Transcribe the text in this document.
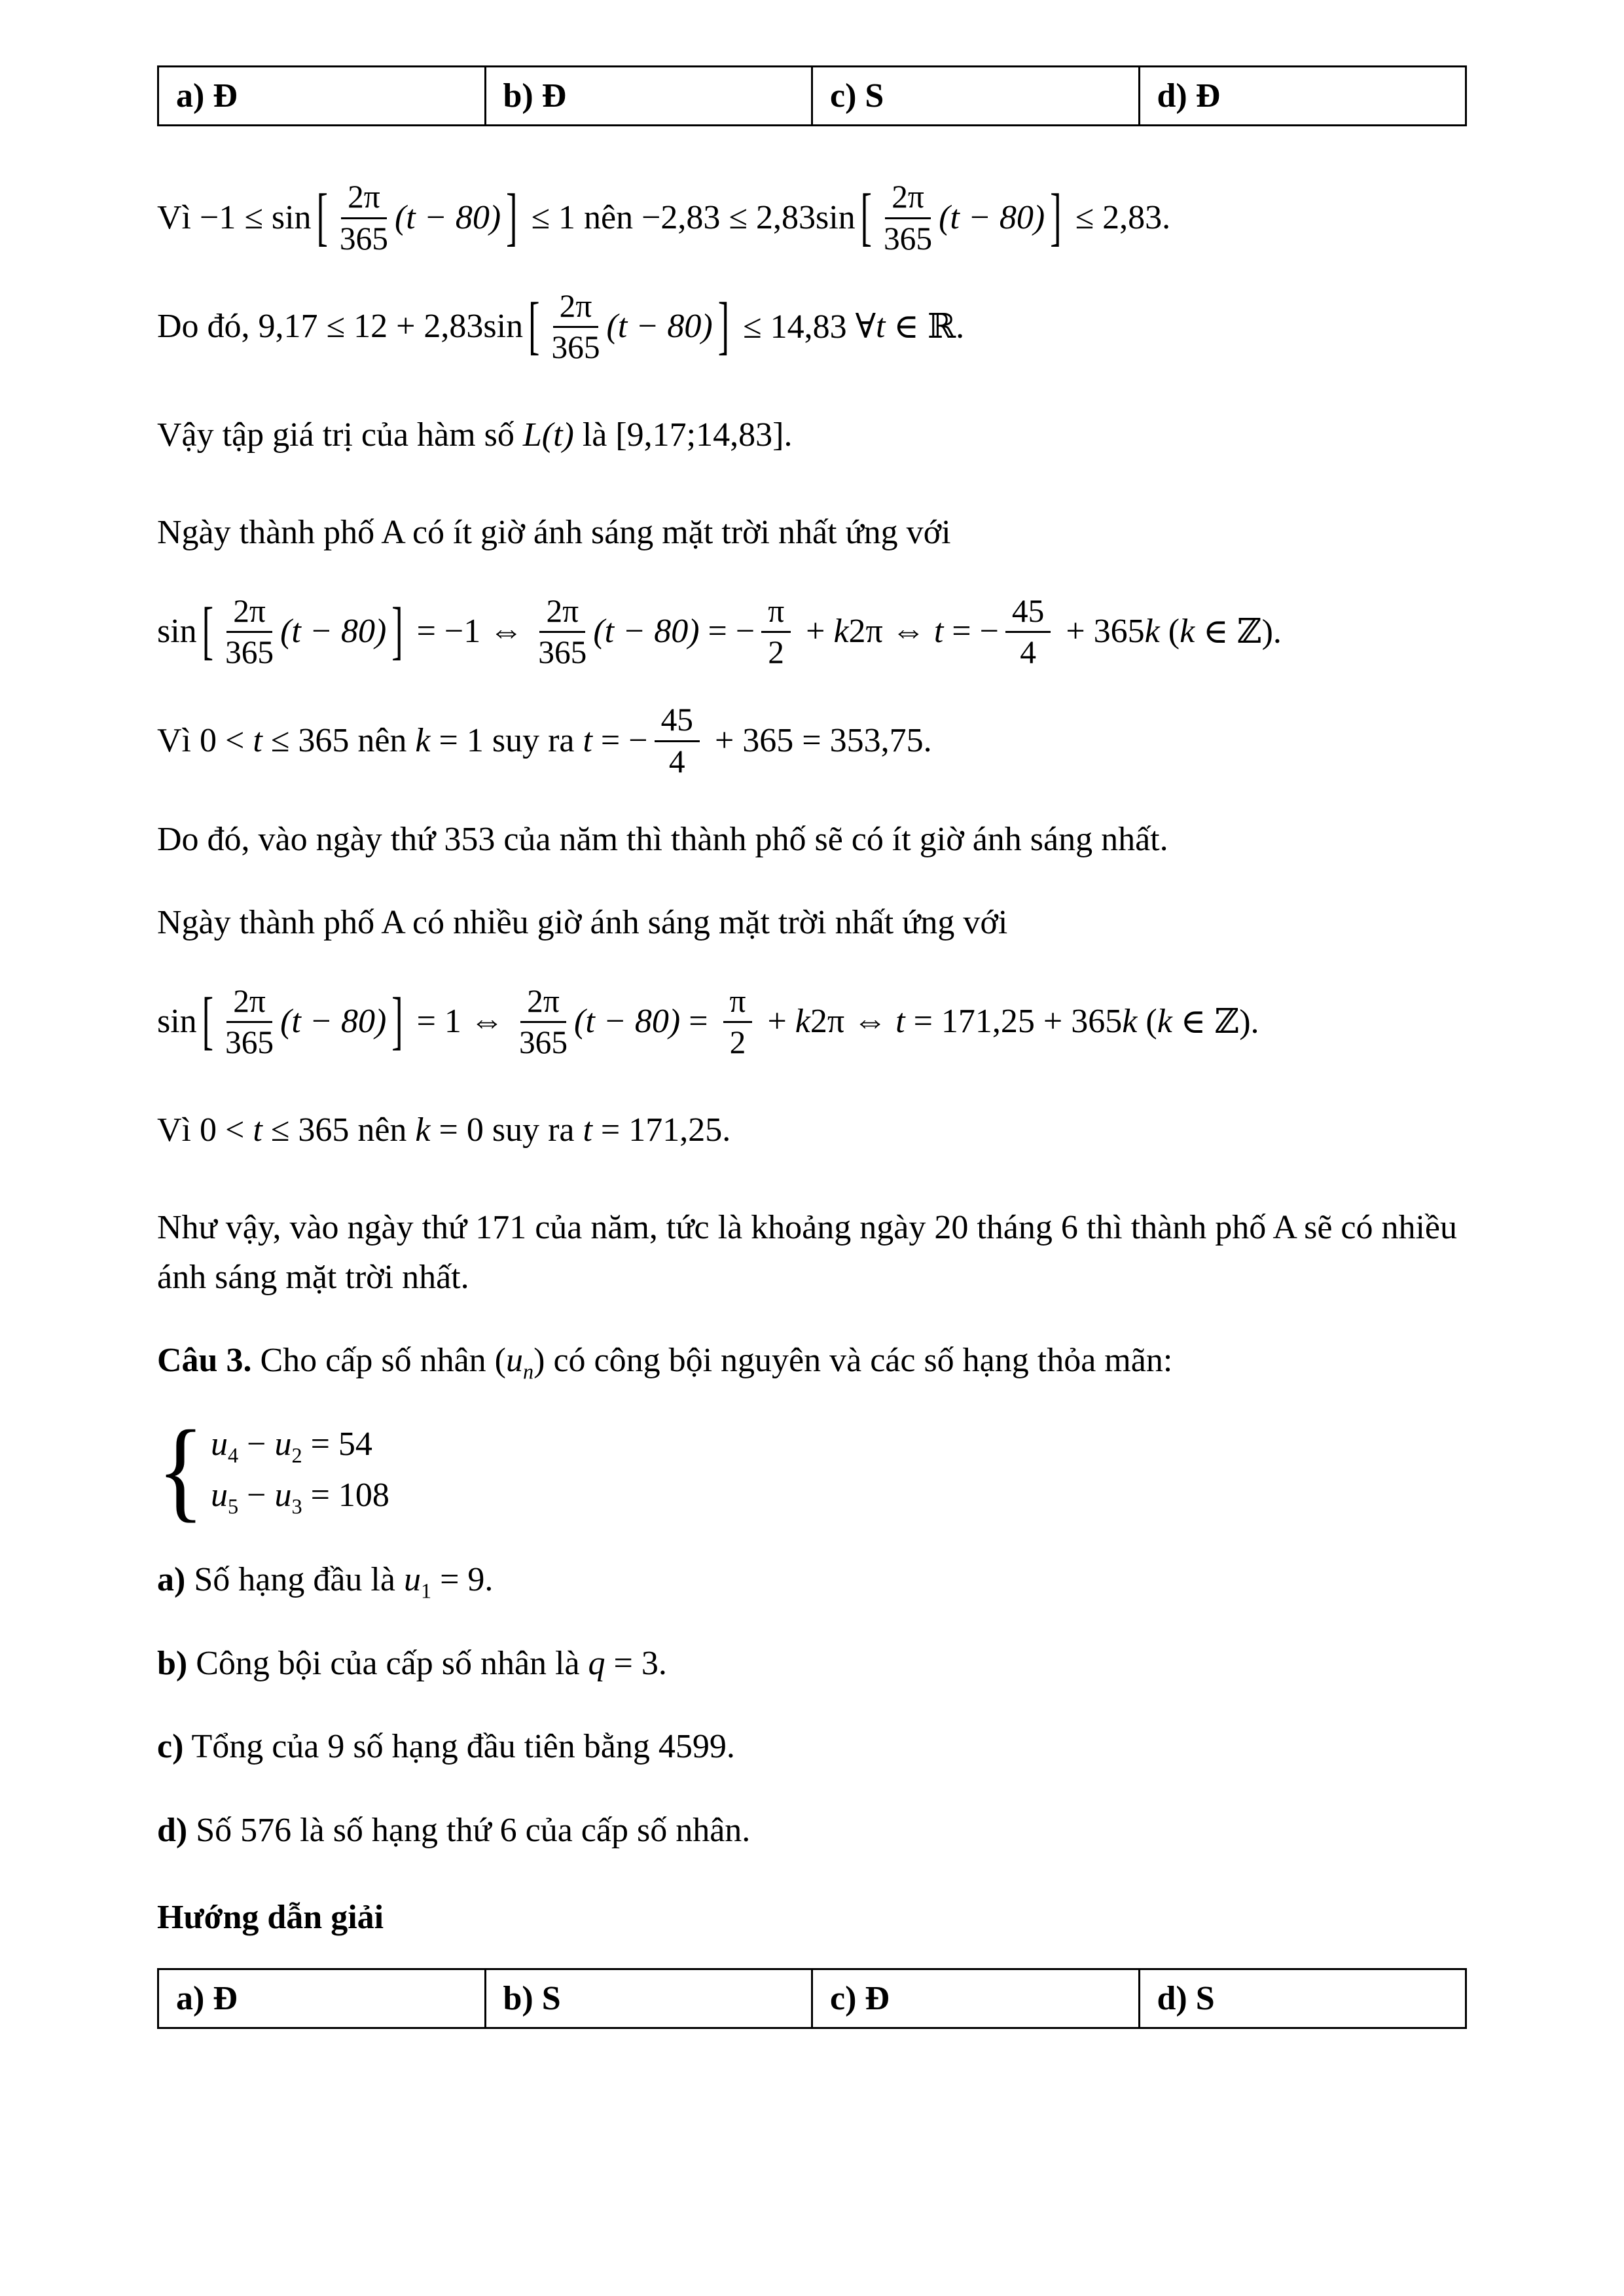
a) Đ	b) Đ	c) S	d) Đ
Vì −1 ≤ sin [ $\frac{2\pi}{365} (t - 80)$ ] ≤ 1 nên −2,83 ≤ 2,83sin [ $\frac{2\pi}{365} (t - 80)$ ] ≤ 2,83.
Do đó, 9,17 ≤ 12 + 2,83sin [ $\frac{2\pi}{365} (t - 80)$ ] ≤ 14,83 ∀ t ∈ ℝ.
Vậy tập giá trị của hàm số L(t) là [9,17;14,83].
Ngày thành phố A có ít giờ ánh sáng mặt trời nhất ứng với
sin [ $\frac{2\pi}{365} (t - 80)$ ] = −1 ⇔ $\frac{2\pi}{365} (t - 80)$ = − $\frac{\pi}{2} + k$ 2π ⇔ t = − $\frac{45}{4} + 365$ k ( k ∈ ℤ).
Vì 0 < t ≤ 365 nên k = 1 suy ra t = − $\frac{45}{4} + 365 = 353,75$.
Do đó, vào ngày thứ 353 của năm thì thành phố sẽ có ít giờ ánh sáng nhất.
Ngày thành phố A có nhiều giờ ánh sáng mặt trời nhất ứng với
sin [ $\frac{2\pi}{365} (t - 80)$ ] = 1 ⇔ $\frac{2\pi}{365} (t - 80) = \frac{\pi}{2} + k$ 2π ⇔ t = 171,25 + 365 k ( k ∈ ℤ).
Vì 0 < t ≤ 365 nên k = 0 suy ra t = 171,25.
Như vậy, vào ngày thứ 171 của năm, tức là khoảng ngày 20 tháng 6 thì thành phố A sẽ có nhiều ánh sáng mặt trời nhất.
Câu 3. Cho cấp số nhân $(u_n)$ có công bội nguyên và các số hạng thỏa mãn:
{ $u_4 - u_2 = 54$
$u_5 - u_3 = 108$
a) Số hạng đầu là $u_1 = 9$.
b) Công bội của cấp số nhân là q = 3.
c) Tổng của 9 số hạng đầu tiên bằng 4599.
d) Số 576 là số hạng thứ 6 của cấp số nhân.
Hướng dẫn giải
a) Đ	b) S	c) Đ	d) S
